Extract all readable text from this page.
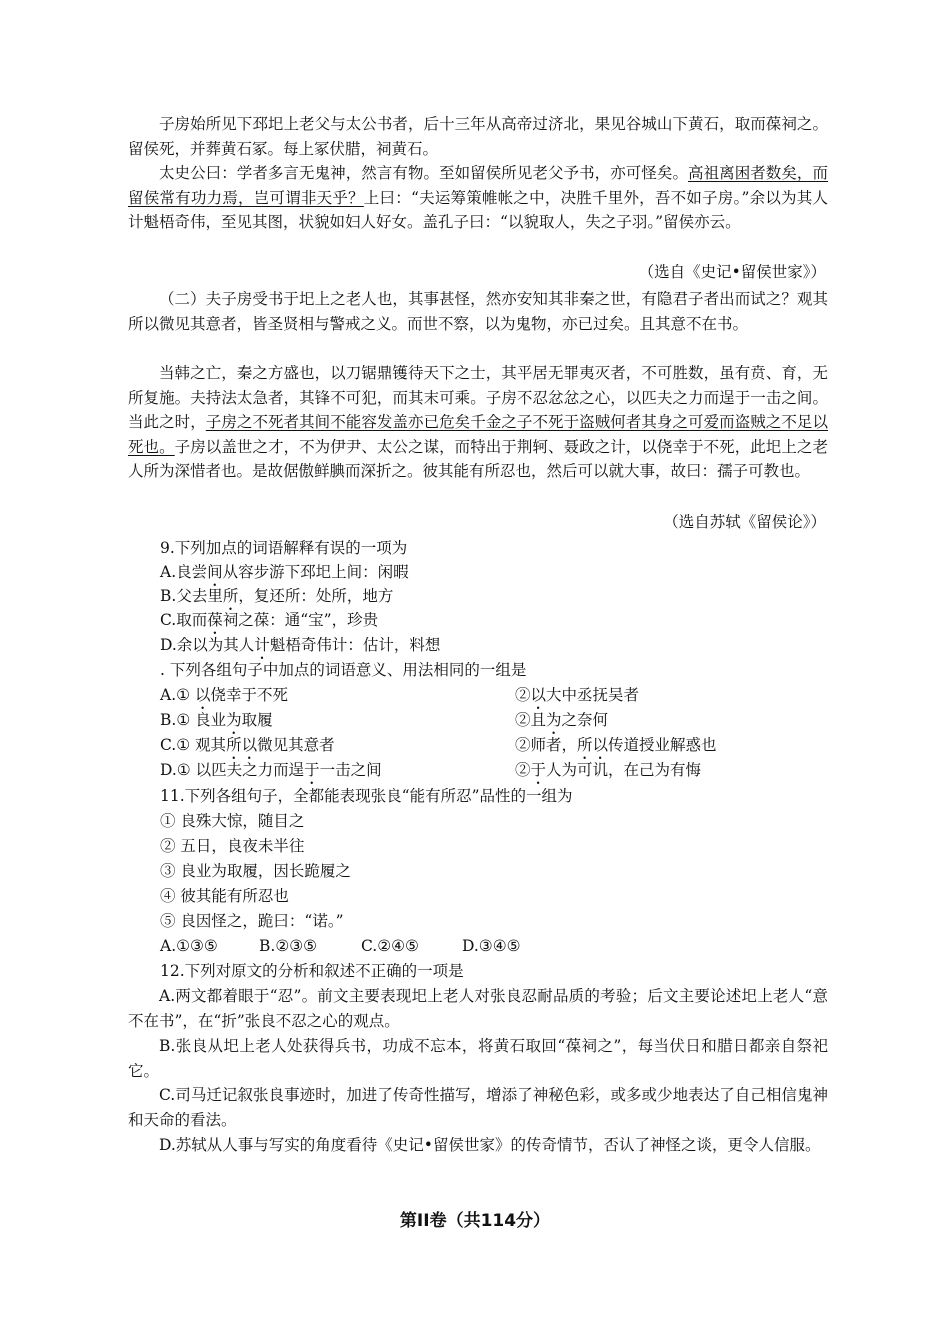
子房始所见下邳圯上老父与太公书者，后十三年从高帝过济北，果见谷城山下黄石，取而葆祠之。留侯死，并葬黄石冢。每上冢伏腊，祠黄石。

太史公曰：学者多言无鬼神，然言有物。至如留侯所见老父予书，亦可怪矣。高祖离困者数矣，而留侯常有功力焉，岂可谓非天乎？上曰：“夫运筹策帷帐之中，决胜千里外，吾不如子房。”余以为其人计魁梧奇伟，至见其图，状貌如妇人好女。盖孔子曰：“以貌取人，失之子羽。”留侯亦云。

（选自《史记•留侯世家》）

（二）夫子房受书于圯上之老人也，其事甚怪，然亦安知其非秦之世，有隐君子者出而试之？观其所以微见其意者，皆圣贤相与警戒之义。而世不察，以为鬼物，亦已过矣。且其意不在书。

当韩之亡，秦之方盛也，以刀锯鼎镬待天下之士，其平居无罪夷灭者，不可胜数，虽有贲、育，无所复施。夫持法太急者，其锋不可犯，而其末可乘。子房不忍忿忿之心，以匹夫之力而逞于一击之间。当此之时，子房之不死者其间不能容发盖亦已危矣千金之子不死于盗贼何者其身之可爱而盗贼之不足以死也。子房以盖世之才，不为伊尹、太公之谋，而特出于荆轲、聂政之计，以侥幸于不死，此圯上之老人所为深惜者也。是故倨傲鲜腆而深折之。彼其能有所忍也，然后可以就大事，故曰：孺子可教也。

（选自苏轼《留侯论》）
9.下列加点的词语解释有误的一项为
A.良尝间从容步游下邳圯上间：闲暇
B.父去里所，复还所：处所，地方
C.取而葆祠之葆：通“宝”，珍贵
D.余以为其人计魁梧奇伟计：估计，料想
. 下列各组句子中加点的词语意义、用法相同的一组是
A.① 以侥幸于不死	②以大中丞抚吴者
B.① 良业为取履	②且为之奈何
C.① 观其所以微见其意者	②师者，所以传道授业解惑也
D.① 以匹夫之力而逞于一击之间	②于人为可讥，在己为有悔
11.下列各组句子，全都能表现张良“能有所忍”品性的一组为
① 良殊大惊，随目之
② 五日，良夜未半往
③ 良业为取履，因长跪履之
④ 彼其能有所忍也
⑤ 良因怪之，跪曰：“诺。”
A.①③⑤	B.②③⑤	C.②④⑤	D.③④⑤
12.下列对原文的分析和叙述不正确的一项是

A.两文都着眼于“忍”。前文主要表现圯上老人对张良忍耐品质的考验；后文主要论述圯上老人“意不在书”，在“折”张良不忍之心的观点。

B.张良从圯上老人处获得兵书，功成不忘本，将黄石取回“葆祠之”，每当伏日和腊日都亲自祭祀它。

C.司马迁记叙张良事迹时，加进了传奇性描写，增添了神秘色彩，或多或少地表达了自己相信鬼神和天命的看法。

D.苏轼从人事与写实的角度看待《史记•留侯世家》的传奇情节，否认了神怪之谈，更令人信服。

第II卷（共114分）
